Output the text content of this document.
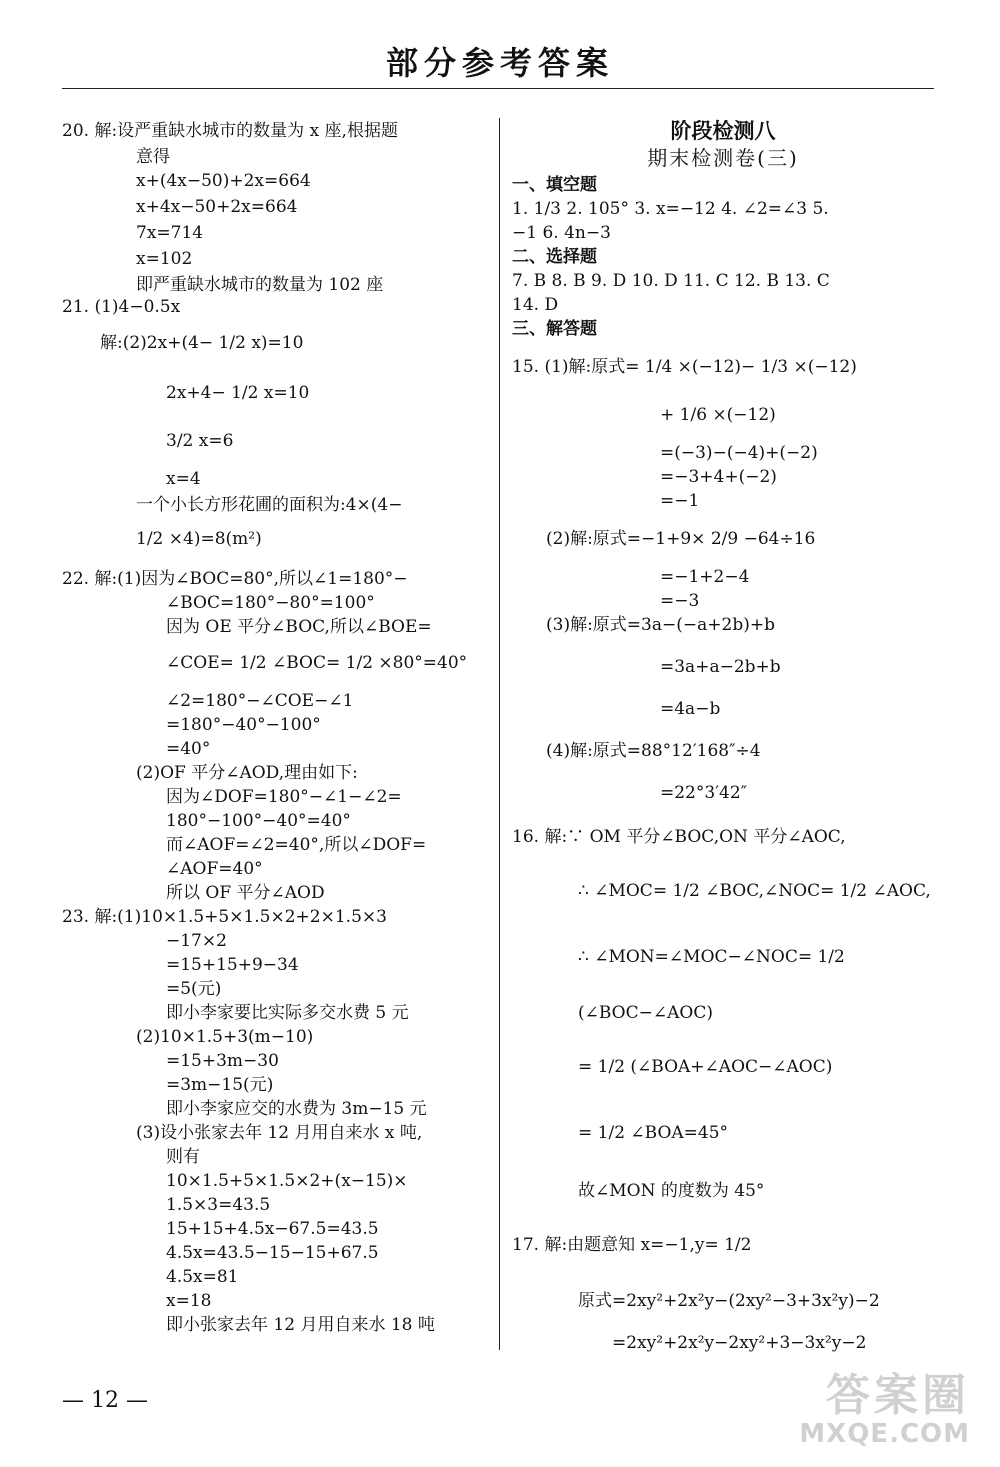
部分参考答案
20. 解:设严重缺水城市的数量为 x 座,根据题
意得
x+(4x−50)+2x=664
x+4x−50+2x=664
7x=714
x=102
即严重缺水城市的数量为 102 座
21. (1)4−0.5x
解:(2)2x+(4− 1/2 x)=10
2x+4− 1/2 x=10
3/2 x=6
x=4
一个小长方形花圃的面积为:4×(4−
1/2 ×4)=8(m²)
22. 解:(1)因为∠BOC=80°,所以∠1=180°−
∠BOC=180°−80°=100°
因为 OE 平分∠BOC,所以∠BOE=
∠COE= 1/2 ∠BOC= 1/2 ×80°=40°
∠2=180°−∠COE−∠1
=180°−40°−100°
=40°
(2)OF 平分∠AOD,理由如下:
因为∠DOF=180°−∠1−∠2=
180°−100°−40°=40°
而∠AOF=∠2=40°,所以∠DOF=
∠AOF=40°
所以 OF 平分∠AOD
23. 解:(1)10×1.5+5×1.5×2+2×1.5×3
−17×2
=15+15+9−34
=5(元)
即小李家要比实际多交水费 5 元
(2)10×1.5+3(m−10)
=15+3m−30
=3m−15(元)
即小李家应交的水费为 3m−15 元
(3)设小张家去年 12 月用自来水 x 吨,
则有
10×1.5+5×1.5×2+(x−15)×
1.5×3=43.5
15+15+4.5x−67.5=43.5
4.5x=43.5−15−15+67.5
4.5x=81
x=18
即小张家去年 12 月用自来水 18 吨
阶段检测八
期末检测卷(三)
一、填空题
1. 1/3 2. 105° 3. x=−12 4. ∠2=∠3 5.
−1 6. 4n−3
二、选择题
7. B 8. B 9. D 10. D 11. C 12. B 13. C
14. D
三、解答题
15. (1)解:原式= 1/4 ×(−12)− 1/3 ×(−12)
+ 1/6 ×(−12)
=(−3)−(−4)+(−2)
=−3+4+(−2)
=−1
(2)解:原式=−1+9× 2/9 −64÷16
=−1+2−4
=−3
(3)解:原式=3a−(−a+2b)+b
=3a+a−2b+b
=4a−b
(4)解:原式=88°12′168″÷4
=22°3′42″
16. 解:∵ OM 平分∠BOC,ON 平分∠AOC,
∴ ∠MOC= 1/2 ∠BOC,∠NOC= 1/2 ∠AOC,
∴ ∠MON=∠MOC−∠NOC= 1/2
(∠BOC−∠AOC)
= 1/2 (∠BOA+∠AOC−∠AOC)
= 1/2 ∠BOA=45°
故∠MON 的度数为 45°
17. 解:由题意知 x=−1,y= 1/2
原式=2xy²+2x²y−(2xy²−3+3x²y)−2
=2xy²+2x²y−2xy²+3−3x²y−2
— 12 —	答案圈
MXQE.COM
